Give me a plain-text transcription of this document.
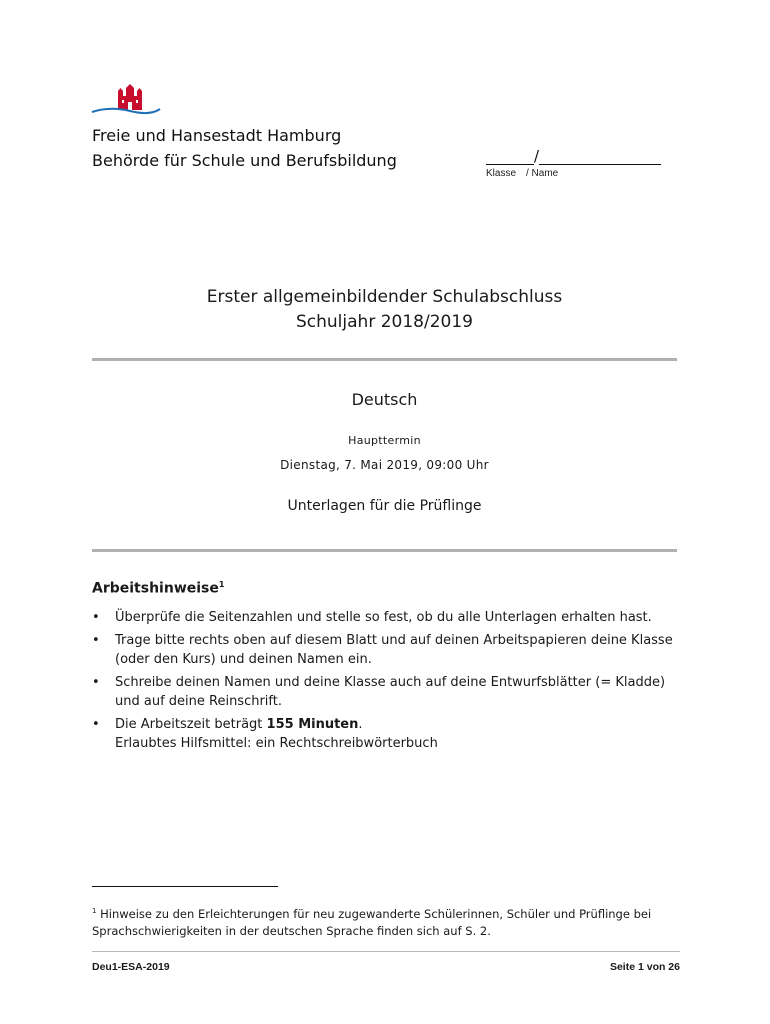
Freie und Hansestadt Hamburg
Behörde für Schule und Berufsbildung	/
Klasse / Name
Erster allgemeinbildender Schulabschluss
Schuljahr 2018/2019
Deutsch
Haupttermin
Dienstag, 7. Mai 2019, 09:00 Uhr
Unterlagen für die Prüflinge
Arbeitshinweise$^1$
• Überprüfe die Seitenzahlen und stelle so fest, ob du alle Unterlagen erhalten hast.
• Trage bitte rechts oben auf diesem Blatt und auf deinen Arbeitspapieren deine Klasse (oder den Kurs) und deinen Namen ein.
• Schreibe deinen Namen und deine Klasse auch auf deine Entwurfsblätter (= Kladde) und auf deine Reinschrift.
• Die Arbeitszeit beträgt 155 Minuten.
Erlaubtes Hilfsmittel: ein Rechtschreibwörterbuch
$^1$ Hinweise zu den Erleichterungen für neu zugewanderte Schülerinnen, Schüler und Prüflinge bei Sprachschwierigkeiten in der deutschen Sprache finden sich auf S. 2.
Deu1-ESA-2019	Seite 1 von 26
